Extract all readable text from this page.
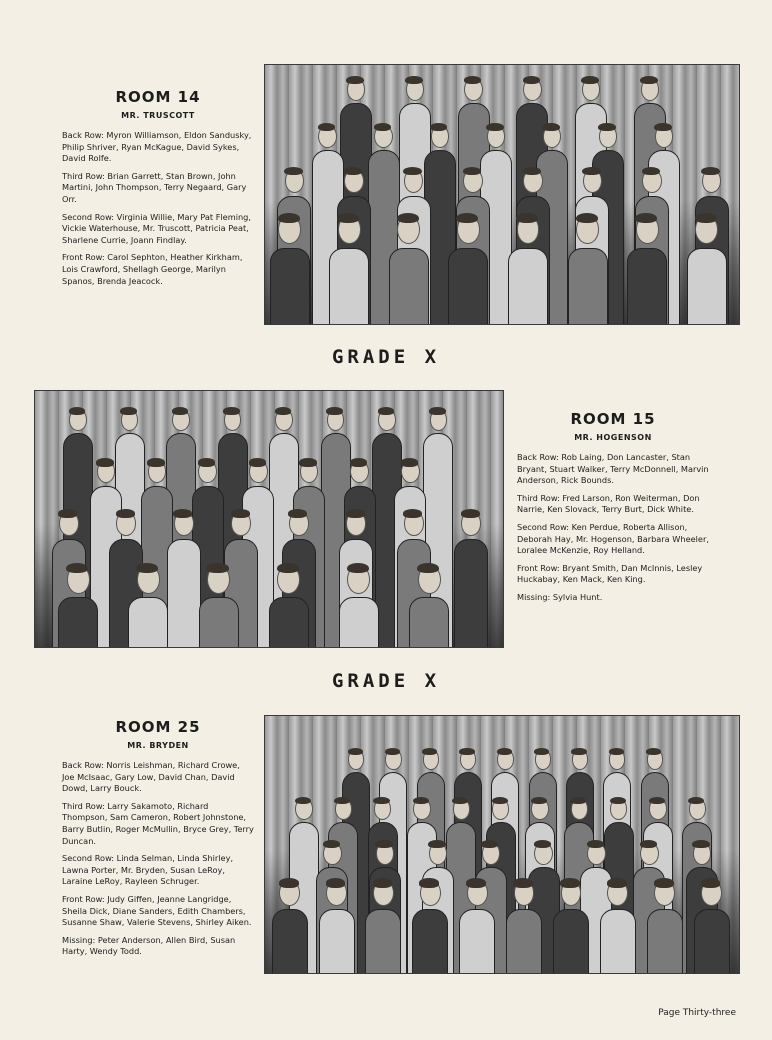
ROOM 14

MR. TRUSCOTT

Back Row: Myron Williamson, Eldon Sandusky, Philip Shriver, Ryan McKague, David Sykes, David Rolfe.

Third Row: Brian Garrett, Stan Brown, John Martini, John Thompson, Terry Negaard, Gary Orr.

Second Row: Virginia Willie, Mary Pat Fleming, Vickie Waterhouse, Mr. Truscott, Patricia Peat, Sharlene Currie, Joann Findlay.

Front Row: Carol Sephton, Heather Kirkham, Lois Crawford, Shellagh George, Marilyn Spanos, Brenda Jeacock.

GRADE X

ROOM 15

MR. HOGENSON

Back Row: Rob Laing, Don Lancaster, Stan Bryant, Stuart Walker, Terry McDonnell, Marvin Anderson, Rick Bounds.

Third Row: Fred Larson, Ron Weiterman, Don Narrie, Ken Slovack, Terry Burt, Dick White.

Second Row: Ken Perdue, Roberta Allison, Deborah Hay, Mr. Hogenson, Barbara Wheeler, Loralee McKenzie, Roy Helland.

Front Row: Bryant Smith, Dan McInnis, Lesley Huckabay, Ken Mack, Ken King.

Missing: Sylvia Hunt.

GRADE X

ROOM 25

MR. BRYDEN

Back Row: Norris Leishman, Richard Crowe, Joe McIsaac, Gary Low, David Chan, David Dowd, Larry Bouck.

Third Row: Larry Sakamoto, Richard Thompson, Sam Cameron, Robert Johnstone, Barry Butlin, Roger McMullin, Bryce Grey, Terry Duncan.

Second Row: Linda Selman, Linda Shirley, Lawna Porter, Mr. Bryden, Susan LeRoy, Laraine LeRoy, Rayleen Schruger.

Front Row: Judy Giffen, Jeanne Langridge, Sheila Dick, Diane Sanders, Edith Chambers, Susanne Shaw, Valerie Stevens, Shirley Aiken.

Missing: Peter Anderson, Allen Bird, Susan Harty, Wendy Todd.

Page Thirty-three
